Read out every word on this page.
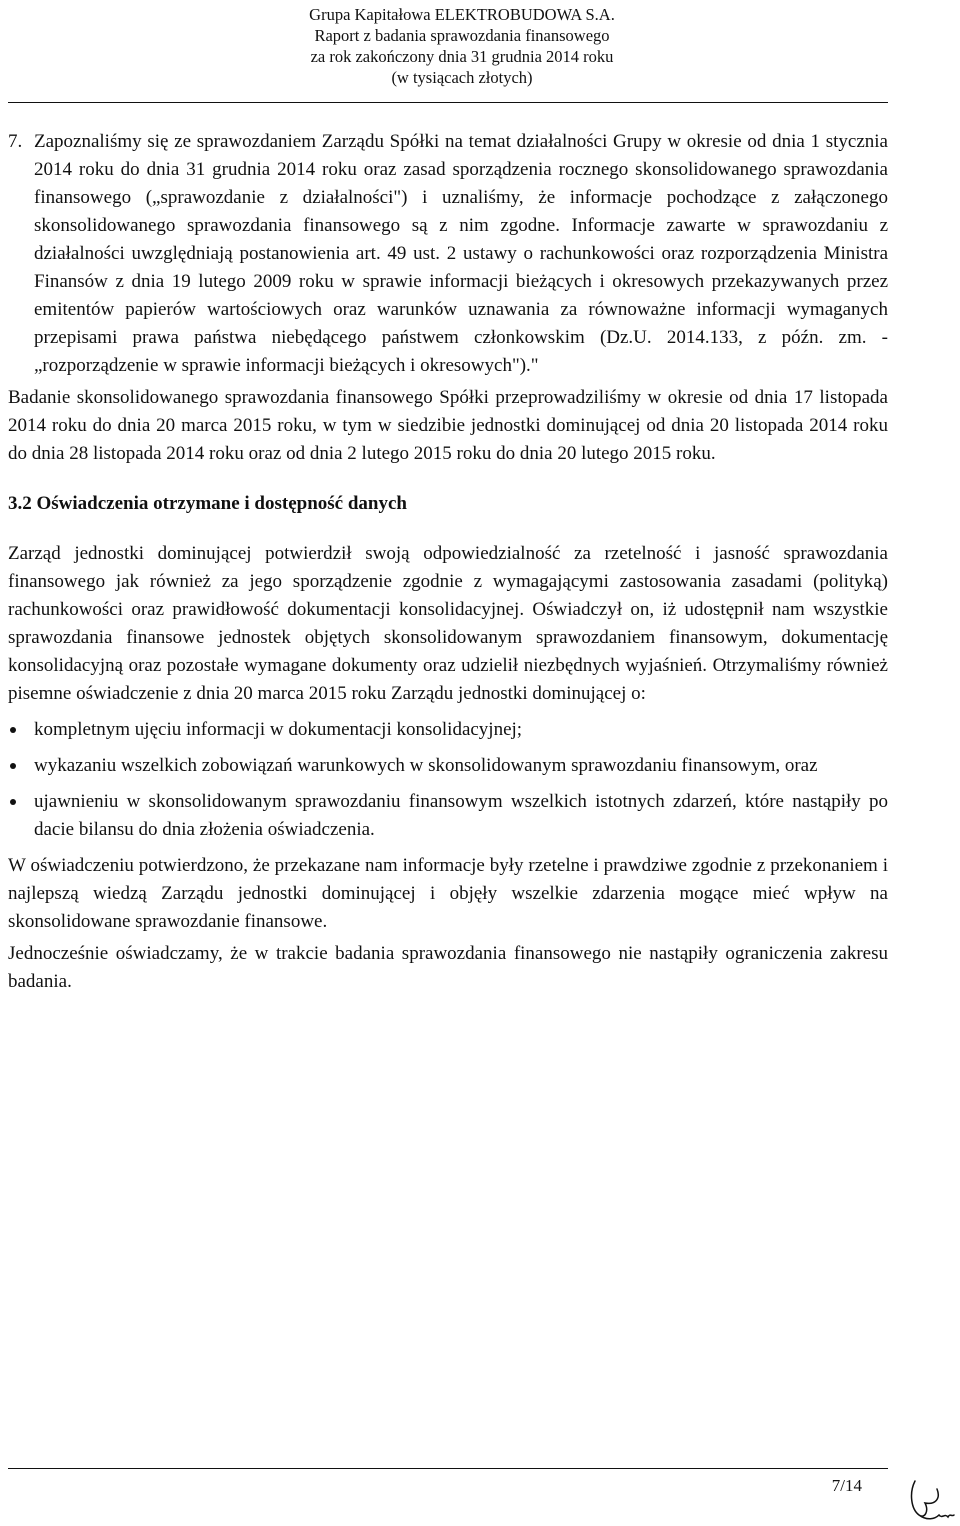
Grupa Kapitałowa ELEKTROBUDOWA S.A.
Raport z badania sprawozdania finansowego
za rok zakończony dnia 31 grudnia 2014 roku
(w tysiącach złotych)

7. Zapoznaliśmy się ze sprawozdaniem Zarządu Spółki na temat działalności Grupy w okresie od dnia 1 stycznia 2014 roku do dnia 31 grudnia 2014 roku oraz zasad sporządzenia rocznego skonsolidowanego sprawozdania finansowego („sprawozdanie z działalności") i uznaliśmy, że informacje pochodzące z załączonego skonsolidowanego sprawozdania finansowego są z nim zgodne. Informacje zawarte w sprawozdaniu z działalności uwzględniają postanowienia art. 49 ust. 2 ustawy o rachunkowości oraz rozporządzenia Ministra Finansów z dnia 19 lutego 2009 roku w sprawie informacji bieżących i okresowych przekazywanych przez emitentów papierów wartościowych oraz warunków uznawania za równoważne informacji wymaganych przepisami prawa państwa niebędącego państwem członkowskim (Dz.U. 2014.133, z późn. zm. - „rozporządzenie w sprawie informacji bieżących i okresowych")."

Badanie skonsolidowanego sprawozdania finansowego Spółki przeprowadziliśmy w okresie od dnia 17 listopada 2014 roku do dnia 20 marca 2015 roku, w tym w siedzibie jednostki dominującej od dnia 20 listopada 2014 roku do dnia 28 listopada 2014 roku oraz od dnia 2 lutego 2015 roku do dnia 20 lutego 2015 roku.

3.2 Oświadczenia otrzymane i dostępność danych

Zarząd jednostki dominującej potwierdził swoją odpowiedzialność za rzetelność i jasność sprawozdania finansowego jak również za jego sporządzenie zgodnie z wymagającymi zastosowania zasadami (polityką) rachunkowości oraz prawidłowość dokumentacji konsolidacyjnej. Oświadczył on, iż udostępnił nam wszystkie sprawozdania finansowe jednostek objętych skonsolidowanym sprawozdaniem finansowym, dokumentację konsolidacyjną oraz pozostałe wymagane dokumenty oraz udzielił niezbędnych wyjaśnień. Otrzymaliśmy również pisemne oświadczenie z dnia 20 marca 2015 roku Zarządu jednostki dominującej o:

kompletnym ujęciu informacji w dokumentacji konsolidacyjnej;
wykazaniu wszelkich zobowiązań warunkowych w skonsolidowanym sprawozdaniu finansowym, oraz
ujawnieniu w skonsolidowanym sprawozdaniu finansowym wszelkich istotnych zdarzeń, które nastąpiły po dacie bilansu do dnia złożenia oświadczenia.

W oświadczeniu potwierdzono, że przekazane nam informacje były rzetelne i prawdziwe zgodnie z przekonaniem i najlepszą wiedzą Zarządu jednostki dominującej i objęły wszelkie zdarzenia mogące mieć wpływ na skonsolidowane sprawozdanie finansowe.

Jednocześnie oświadczamy, że w trakcie badania sprawozdania finansowego nie nastąpiły ograniczenia zakresu badania.

7/14
